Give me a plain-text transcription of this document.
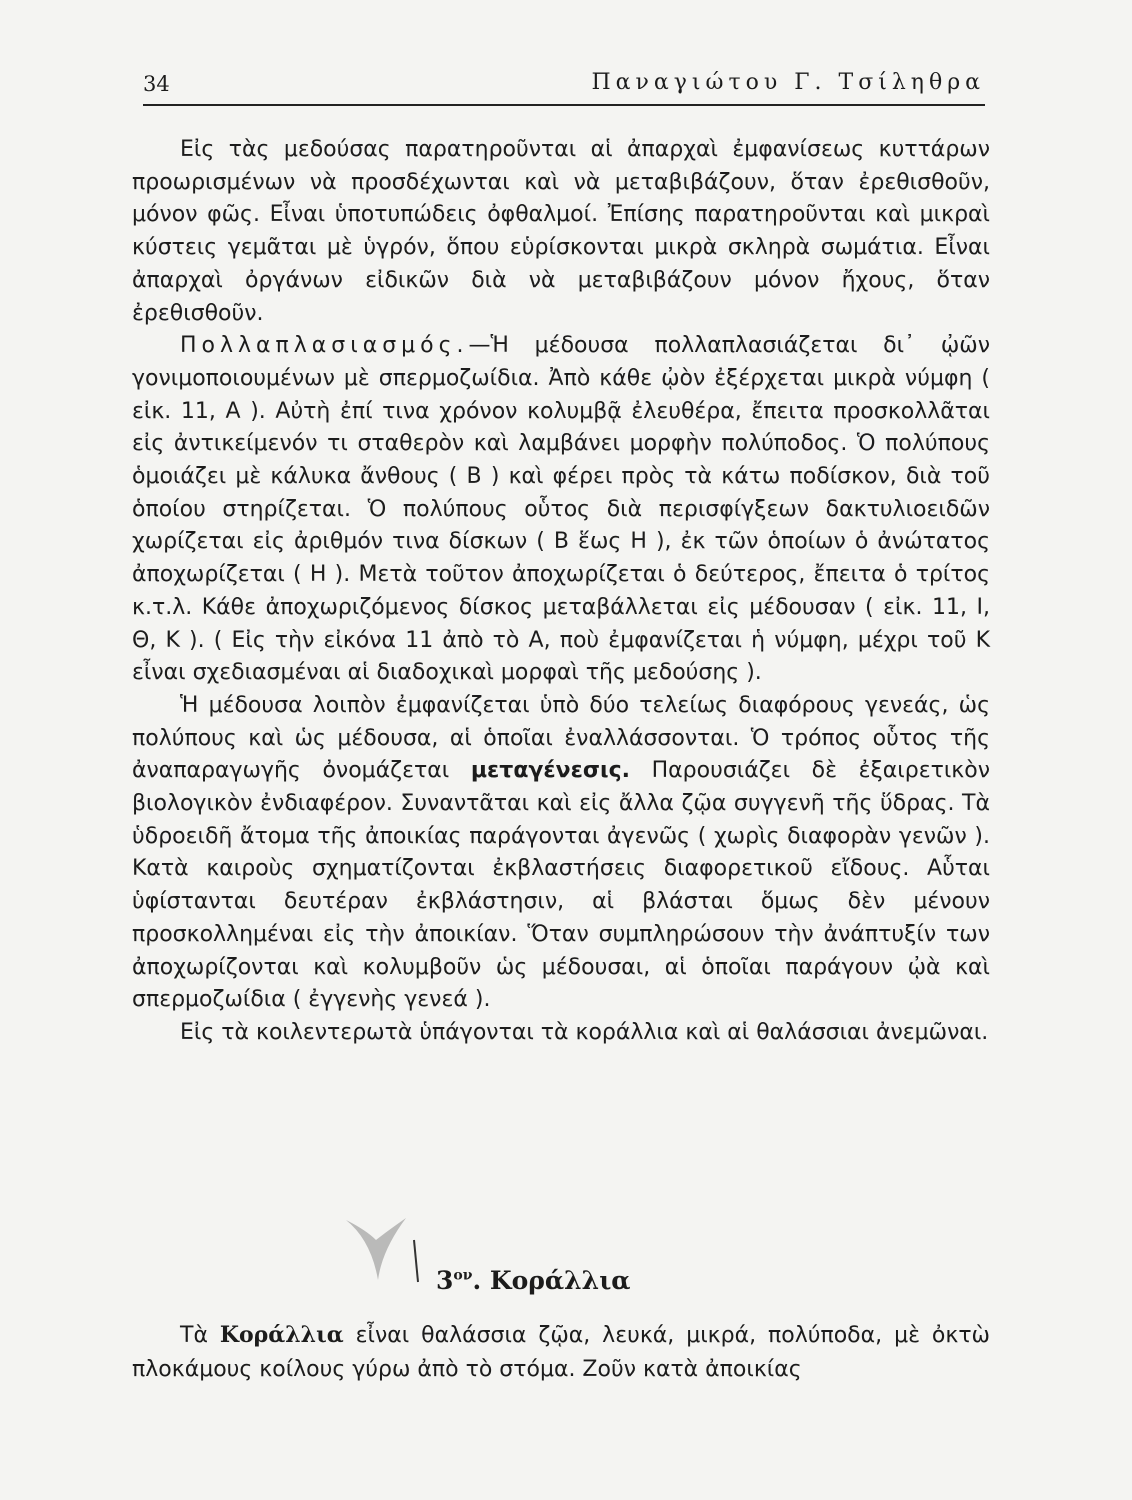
34	Παναγιώτου Γ. Τσίληθρα

Εἰς τὰς μεδούσας παρατηροῦνται αἱ ἀπαρχαὶ ἐμφανίσεως κυττάρων προωρισμένων νὰ προσδέχωνται καὶ νὰ μεταβιβάζουν, ὅταν ἐρεθισθοῦν, μόνον φῶς. Εἶναι ὑποτυπώδεις ὀφθαλμοί. Ἐπίσης παρατηροῦνται καὶ μικραὶ κύστεις γεμᾶται μὲ ὑγρόν, ὅπου εὑρίσκονται μικρὰ σκληρὰ σωμάτια. Εἶναι ἀπαρχαὶ ὀργάνων εἰδικῶν διὰ νὰ μεταβιβάζουν μόνον ἤχους, ὅταν ἐρεθισθοῦν.

Πολλαπλασιασμός.—Ἡ μέδουσα πολλαπλασιάζεται δι᾽ ᾠῶν γονιμοποιουμένων μὲ σπερμοζωίδια. Ἀπὸ κάθε ᾠὸν ἐξέρχεται μικρὰ νύμφη ( εἰκ. 11, Α ). Αὐτὴ ἐπί τινα χρόνον κολυμβᾷ ἐλευθέρα, ἔπειτα προσκολλᾶται εἰς ἀντικείμενόν τι σταθερὸν καὶ λαμβάνει μορφὴν πολύποδος. Ὁ πολύπους ὁμοιάζει μὲ κάλυκα ἄνθους ( Β ) καὶ φέρει πρὸς τὰ κάτω ποδίσκον, διὰ τοῦ ὁποίου στηρίζεται. Ὁ πολύπους οὗτος διὰ περισφίγξεων δακτυλιοειδῶν χωρίζεται εἰς ἀριθμόν τινα δίσκων ( Β ἕως Η ), ἐκ τῶν ὁποίων ὁ ἀνώτατος ἀποχωρίζεται ( Η ). Μετὰ τοῦτον ἀποχωρίζεται ὁ δεύτερος, ἔπειτα ὁ τρίτος κ.τ.λ. Κάθε ἀποχωριζόμενος δίσκος μεταβάλλεται εἰς μέδουσαν ( εἰκ. 11, Ι, Θ, Κ ). ( Εἰς τὴν εἰκόνα 11 ἀπὸ τὸ Α, ποὺ ἐμφανίζεται ἡ νύμφη, μέχρι τοῦ Κ εἶναι σχεδιασμέναι αἱ διαδοχικαὶ μορφαὶ τῆς μεδούσης ).

Ἡ μέδουσα λοιπὸν ἐμφανίζεται ὑπὸ δύο τελείως διαφόρους γενεάς, ὡς πολύπους καὶ ὡς μέδουσα, αἱ ὁποῖαι ἐναλλάσσονται. Ὁ τρόπος οὗτος τῆς ἀναπαραγωγῆς ὀνομάζεται μεταγένεσις. Παρουσιάζει δὲ ἐξαιρετικὸν βιολογικὸν ἐνδιαφέρον. Συναντᾶται καὶ εἰς ἄλλα ζῷα συγγενῆ τῆς ὕδρας. Τὰ ὑδροειδῆ ἄτομα τῆς ἀποικίας παράγονται ἀγενῶς ( χωρὶς διαφορὰν γενῶν ). Κατὰ καιροὺς σχηματίζονται ἐκβλαστήσεις διαφορετικοῦ εἴδους. Αὗται ὑφίστανται δευτέραν ἐκβλάστησιν, αἱ βλάσται ὅμως δὲν μένουν προσκολλημέναι εἰς τὴν ἀποικίαν. Ὅταν συμπληρώσουν τὴν ἀνάπτυξίν των ἀποχωρίζονται καὶ κολυμβοῦν ὡς μέδουσαι, αἱ ὁποῖαι παράγουν ᾠὰ καὶ σπερμοζωίδια ( ἐγγενὴς γενεά ).

Εἰς τὰ κοιλεντερωτὰ ὑπάγονται τὰ κοράλλια καὶ αἱ θαλάσσιαι ἀνεμῶναι.

$3^{o\nu}$. Κοράλλια

Τὰ Κοράλλια εἶναι θαλάσσια ζῷα, λευκά, μικρά, πολύποδα, μὲ ὀκτὼ πλοκάμους κοίλους γύρω ἀπὸ τὸ στόμα. Ζοῦν κατὰ ἀποικίας
